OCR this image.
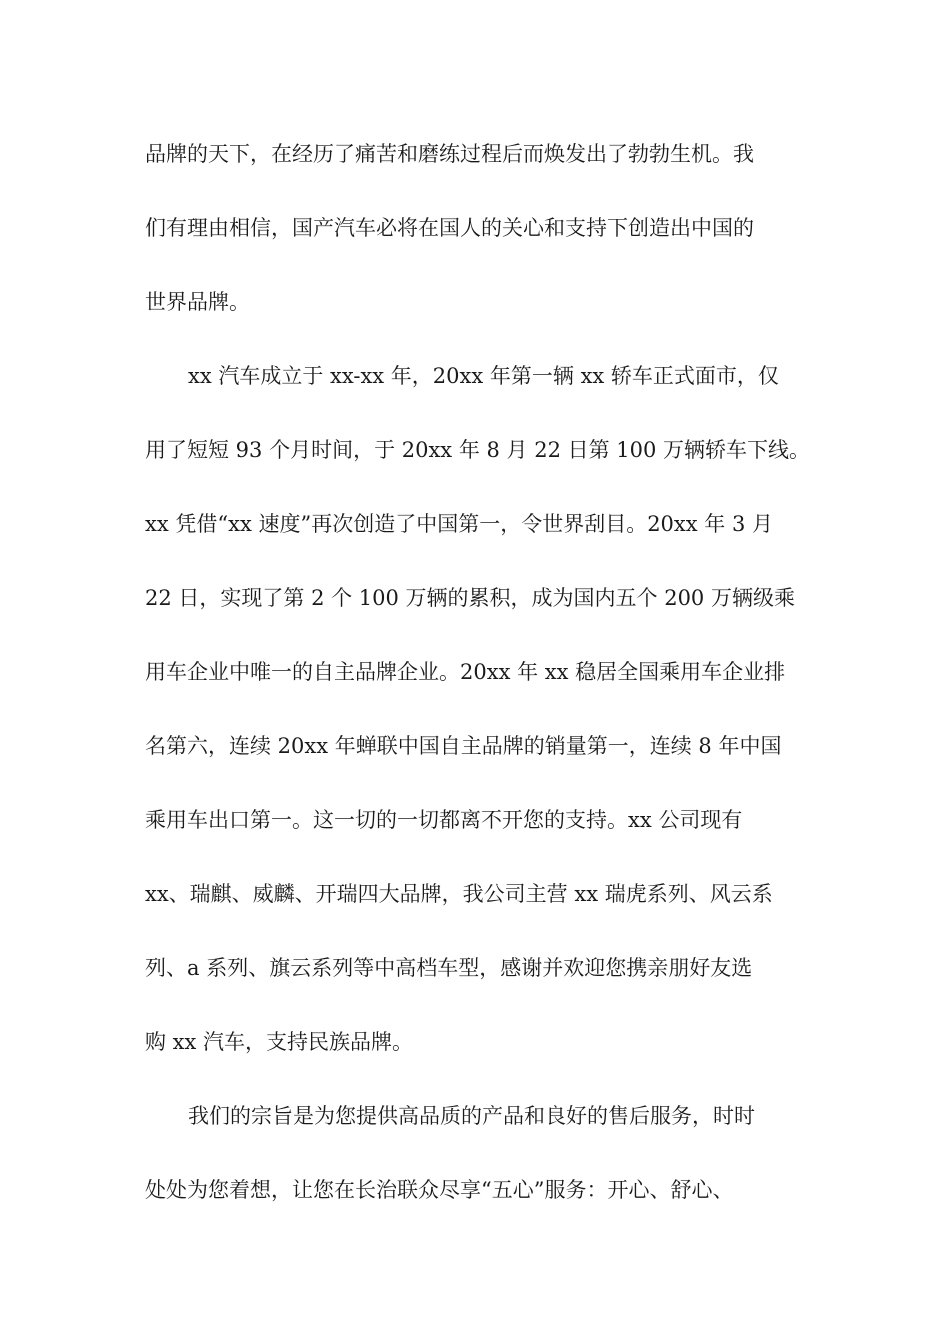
品牌的天下，在经历了痛苦和磨练过程后而焕发出了勃勃生机。我
们有理由相信，国产汽车必将在国人的关心和支持下创造出中国的
世界品牌。
xx 汽车成立于 xx-xx 年，20xx 年第一辆 xx 轿车正式面市，仅
用了短短 93 个月时间，于 20xx 年 8 月 22 日第 100 万辆轿车下线。
xx 凭借“xx 速度”再次创造了中国第一，令世界刮目。20xx 年 3 月
22 日，实现了第 2 个 100 万辆的累积，成为国内五个 200 万辆级乘
用车企业中唯一的自主品牌企业。20xx 年 xx 稳居全国乘用车企业排
名第六，连续 20xx 年蝉联中国自主品牌的销量第一，连续 8 年中国
乘用车出口第一。这一切的一切都离不开您的支持。xx 公司现有
xx、瑞麒、威麟、开瑞四大品牌，我公司主营 xx 瑞虎系列、风云系
列、a 系列、旗云系列等中高档车型，感谢并欢迎您携亲朋好友选
购 xx 汽车，支持民族品牌。
我们的宗旨是为您提供高品质的产品和良好的售后服务，时时
处处为您着想，让您在长治联众尽享“五心”服务：开心、舒心、
